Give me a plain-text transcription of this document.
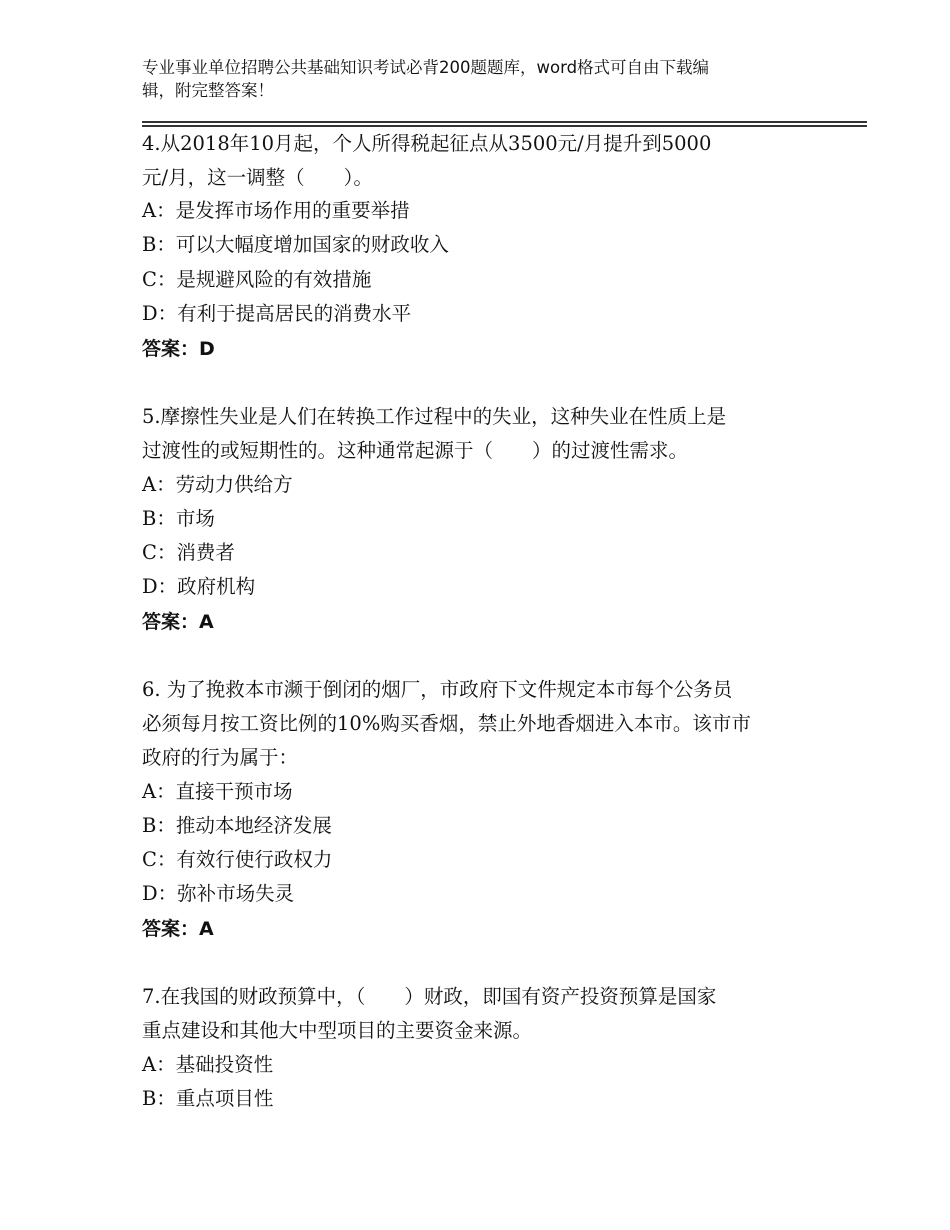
专业事业单位招聘公共基础知识考试必背200题题库，word格式可自由下载编
辑，附完整答案！
4.从2018年10月起，个人所得税起征点从3500元/月提升到5000
元/月，这一调整（　　）。
A：是发挥市场作用的重要举措
B：可以大幅度增加国家的财政收入
C：是规避风险的有效措施
D：有利于提高居民的消费水平
答案：D
5.摩擦性失业是人们在转换工作过程中的失业，这种失业在性质上是
过渡性的或短期性的。这种通常起源于（　　）的过渡性需求。
A：劳动力供给方
B：市场
C：消费者
D：政府机构
答案：A
6. 为了挽救本市濒于倒闭的烟厂，市政府下文件规定本市每个公务员
必须每月按工资比例的10%购买香烟，禁止外地香烟进入本市。该市市
政府的行为属于：
A：直接干预市场
B：推动本地经济发展
C：有效行使行政权力
D：弥补市场失灵
答案：A
7.在我国的财政预算中，（　　）财政，即国有资产投资预算是国家
重点建设和其他大中型项目的主要资金来源。
A：基础投资性
B：重点项目性
